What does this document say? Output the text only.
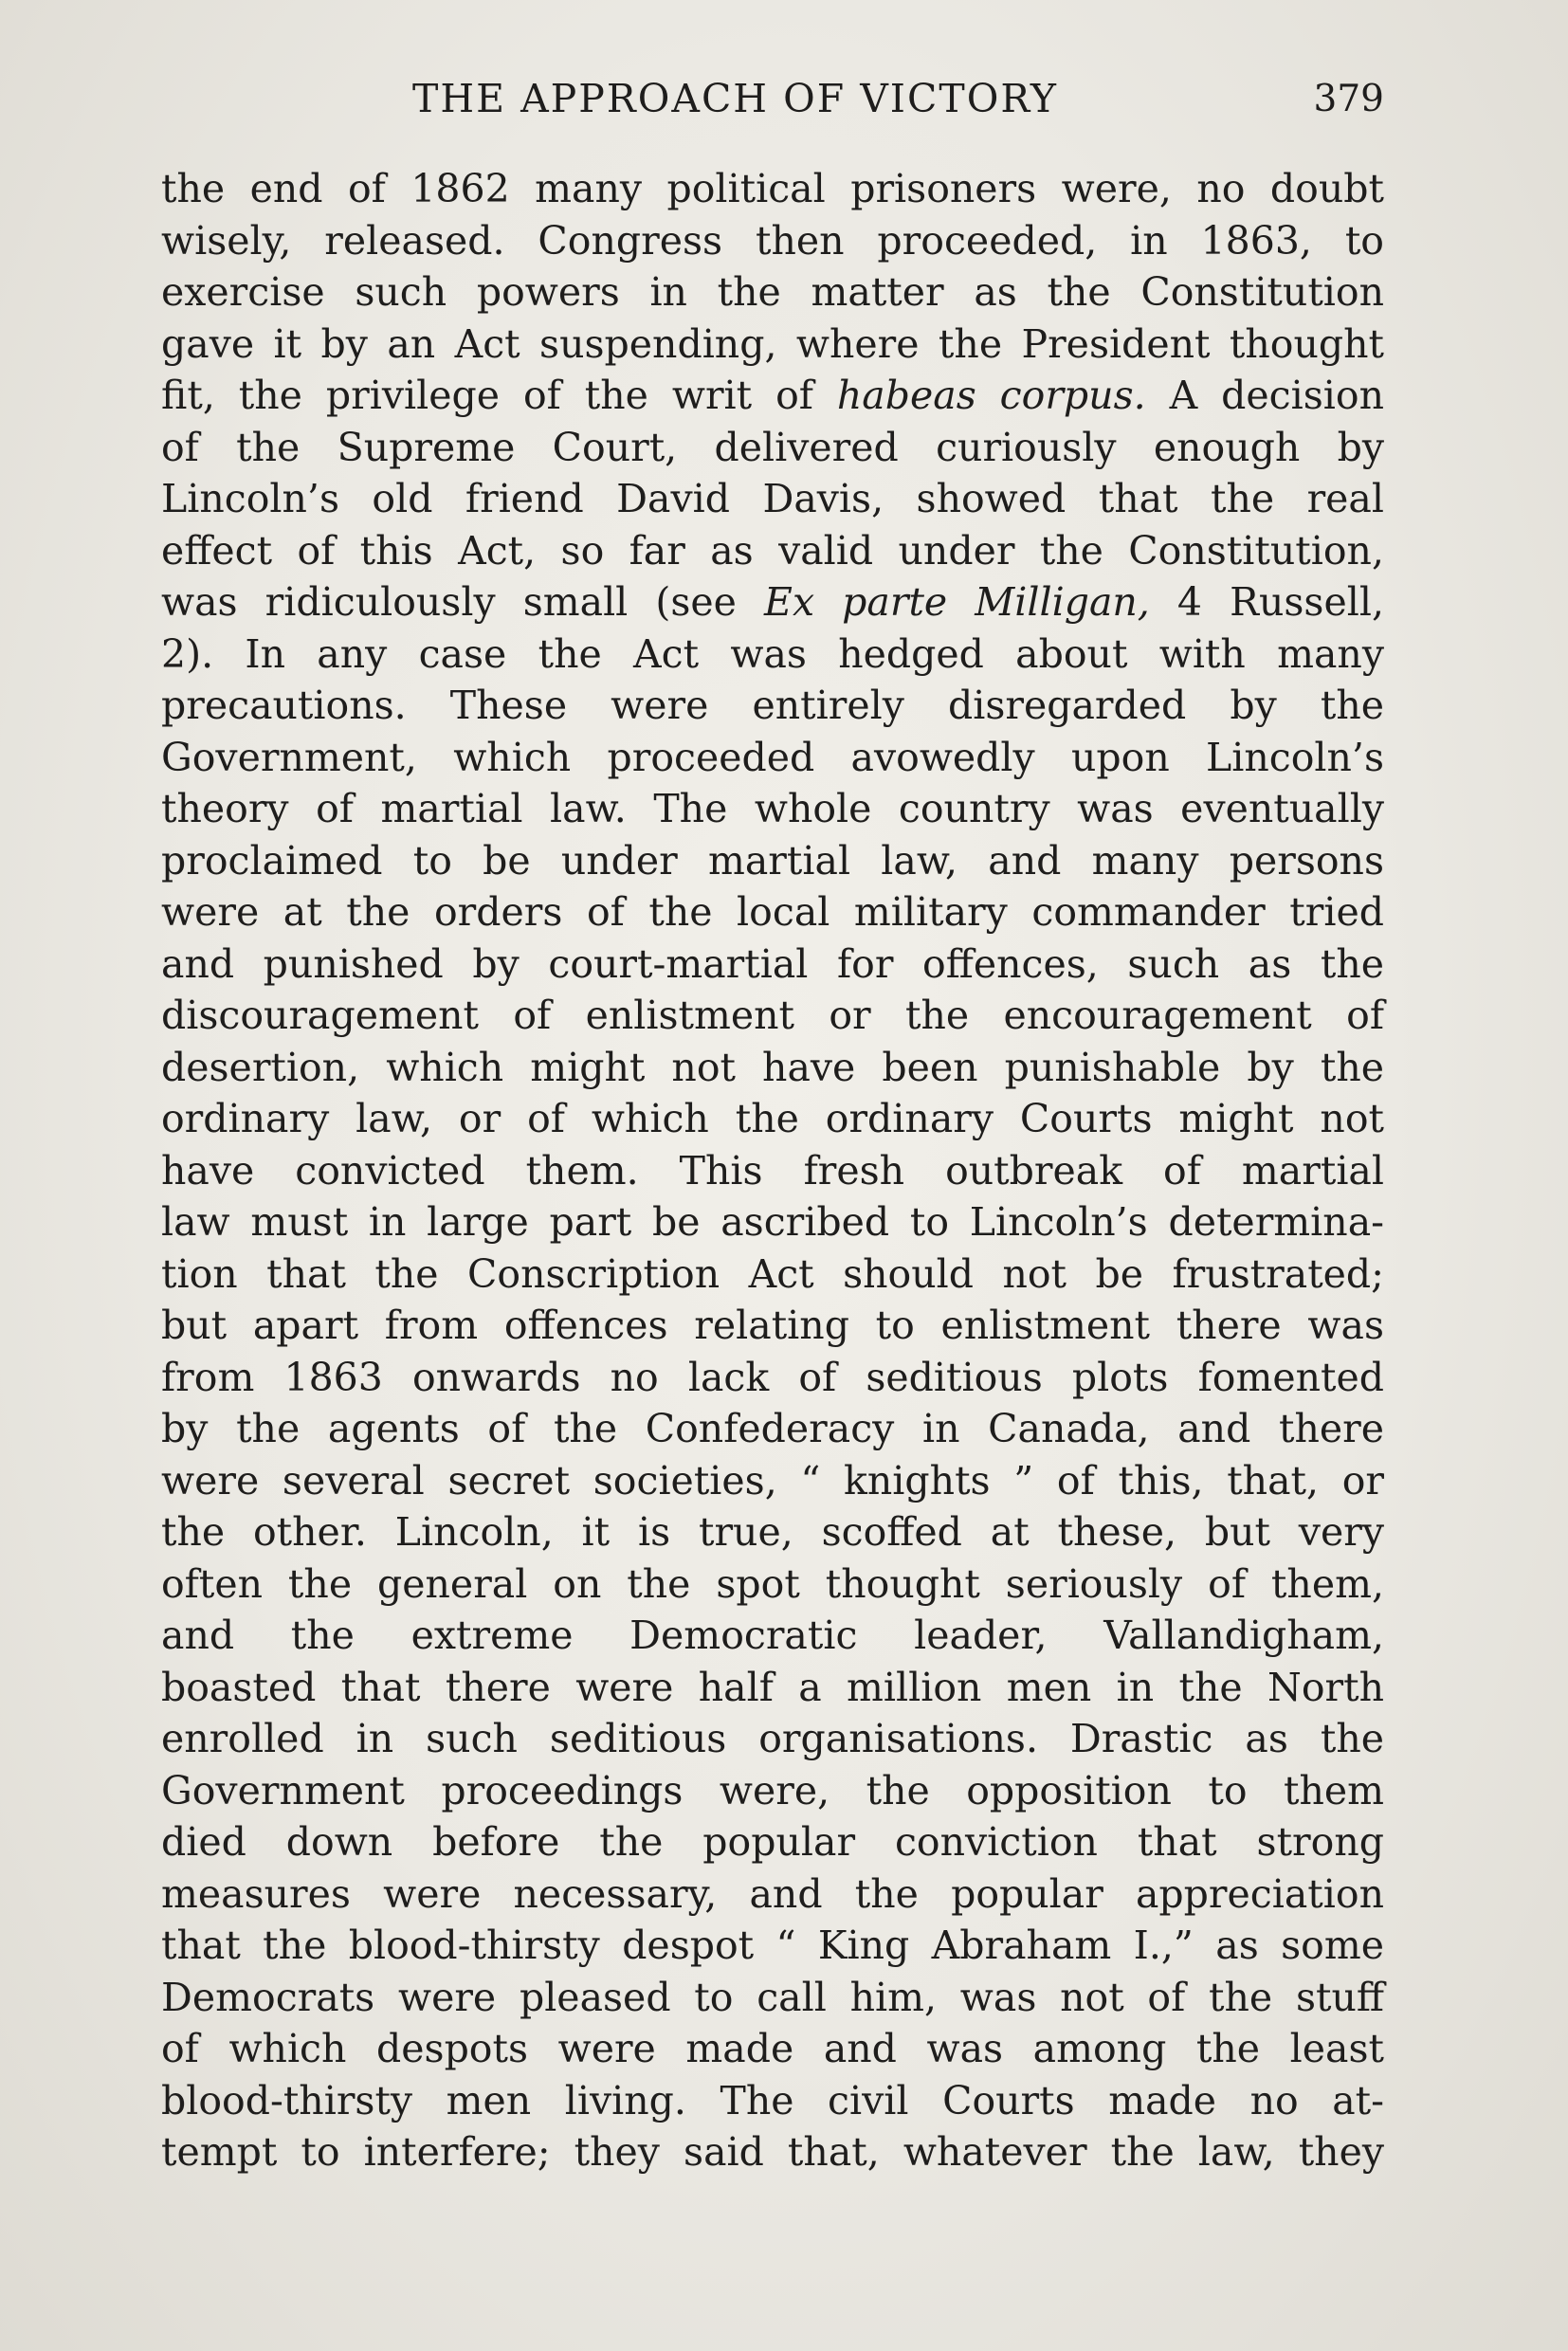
THE APPROACH OF VICTORY	379
the end of 1862 many political prisoners were, no doubt
wisely, released. Congress then proceeded, in 1863, to
exercise such powers in the matter as the Constitution
gave it by an Act suspending, where the President thought
fit, the privilege of the writ of habeas corpus. A decision
of the Supreme Court, delivered curiously enough by
Lincoln’s old friend David Davis, showed that the real
effect of this Act, so far as valid under the Constitution,
was ridiculously small (see Ex parte Milligan, 4 Russell,
2). In any case the Act was hedged about with many
precautions. These were entirely disregarded by the
Government, which proceeded avowedly upon Lincoln’s
theory of martial law. The whole country was eventually
proclaimed to be under martial law, and many persons
were at the orders of the local military commander tried
and punished by court-martial for offences, such as the
discouragement of enlistment or the encouragement of
desertion, which might not have been punishable by the
ordinary law, or of which the ordinary Courts might not
have convicted them. This fresh outbreak of martial
law must in large part be ascribed to Lincoln’s determina-
tion that the Conscription Act should not be frustrated;
but apart from offences relating to enlistment there was
from 1863 onwards no lack of seditious plots fomented
by the agents of the Confederacy in Canada, and there
were several secret societies, “ knights ” of this, that, or
the other. Lincoln, it is true, scoffed at these, but very
often the general on the spot thought seriously of them,
and the extreme Democratic leader, Vallandigham,
boasted that there were half a million men in the North
enrolled in such seditious organisations. Drastic as the
Government proceedings were, the opposition to them
died down before the popular conviction that strong
measures were necessary, and the popular appreciation
that the blood-thirsty despot “ King Abraham I.,” as some
Democrats were pleased to call him, was not of the stuff
of which despots were made and was among the least
blood-thirsty men living. The civil Courts made no at-
tempt to interfere; they said that, whatever the law, they
